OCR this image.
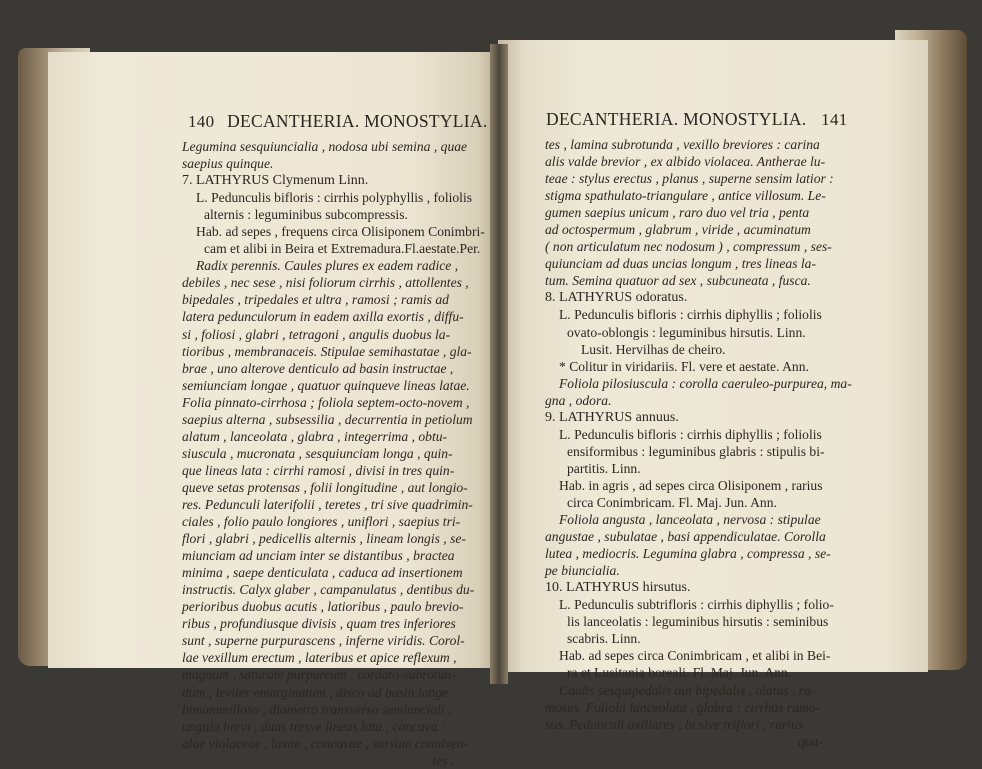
140 DECANTHERIA. MONOSTYLIA.	DECANTHERIA. MONOSTYLIA. 141
Legumina sesquiuncialia , nodosa ubi semina , quae
saepius quinque.
7. LATHYRUS Clymenum Linn.
L. Pedunculis bifloris : cirrhis polyphyllis , foliolis
alternis : leguminibus subcompressis.
Hab. ad sepes , frequens circa Olisiponem Conimbri-
cam et alibi in Beira et Extremadura.Fl.aestate.Per.
Radix perennis. Caules plures ex eadem radice ,
debiles , nec sese , nisi foliorum cirrhis , attollentes ,
bipedales , tripedales et ultra , ramosi ; ramis ad
latera pedunculorum in eadem axilla exortis , diffu-
si , foliosi , glabri , tetragoni , angulis duobus la-
tioribus , membranaceis. Stipulae semihastatae , gla-
brae , uno alterove denticulo ad basin instructae ,
semiunciam longae , quatuor quinqueve lineas latae.
Folia pinnato-cirrhosa ; foliola septem-octo-novem ,
saepius alterna , subsessilia , decurrentia in petiolum
alatum , lanceolata , glabra , integerrima , obtu-
siuscula , mucronata , sesquiunciam longa , quin-
que lineas lata : cirrhi ramosi , divisi in tres quin-
queve setas protensas , folii longitudine , aut longio-
res. Pedunculi laterifolii , teretes , tri sive quadrimin-
ciales , folio paulo longiores , uniflori , saepius tri-
flori , glabri , pedicellis alternis , lineam longis , se-
miunciam ad unciam inter se distantibus , bractea
minima , saepe denticulata , caduca ad insertionem
instructis. Calyx glaber , campanulatus , dentibus du-
perioribus duobus acutis , latioribus , paulo brevio-
ribus , profundiusque divisis , quam tres inferiores
sunt , superne purpurascens , inferne viridis. Corol-
lae vexillum erectum , lateribus et apice reflexum ,
magnum , saturate purpureum , cordato-subrotun-
dum , leviter emarginatum , disco ad basin longe
bimammilloso , diametro transverso semiunciali ,
ungula brevi , duas tresve lineas lata , concava :
alae violaceae , laxae , concavae , sursum conniven-
tes ,
tes , lamina subrotunda , vexillo breviores : carina
alis valde brevior , ex albido violacea. Antherae lu-
teae : stylus erectus , planus , superne sensim latior :
stigma spathulato-triangulare , antice villosum. Le-
gumen saepius unicum , raro duo vel tria , penta
ad octospermum , glabrum , viride , acuminatum
( non articulatum nec nodosum ) , compressum , ses-
quiunciam ad duas uncias longum , tres lineas la-
tum. Semina quatuor ad sex , subcuneata , fusca.
8. LATHYRUS odoratus.
L. Pedunculis bifloris : cirrhis diphyllis ; foliolis
ovato-oblongis : leguminibus hirsutis. Linn.
Lusit. Hervilhas de cheiro.
* Colitur in viridariis. Fl. vere et aestate. Ann.
Foliola pilosiuscula : corolla caeruleo-purpurea, ma-
gna , odora.
9. LATHYRUS annuus.
L. Pedunculis bifloris : cirrhis diphyllis ; foliolis
ensiformibus : leguminibus glabris : stipulis bi-
partitis. Linn.
Hab. in agris , ad sepes circa Olisiponem , rarius
circa Conimbricam. Fl. Maj. Jun. Ann.
Foliola angusta , lanceolata , nervosa : stipulae
angustae , subulatae , basi appendiculatae. Corolla
lutea , mediocris. Legumina glabra , compressa , se-
pe biuncialia.
10. LATHYRUS hirsutus.
L. Pedunculis subtrifloris : cirrhis diphyllis ; folio-
lis lanceolatis : leguminibus hirsutis : seminibus
scabris. Linn.
Hab. ad sepes circa Conimbricam , et alibi in Bei-
ra et Lusitania boreali. Fl. Maj. Jun. Ann.
Caulis sesquipedalis aut bipedalis , alatus , ra-
mosus. Foliola lanceolata , glabra : cirrhus ramo-
sus. Pedunculi axillares , bi sive triflori , rarius
qua-
